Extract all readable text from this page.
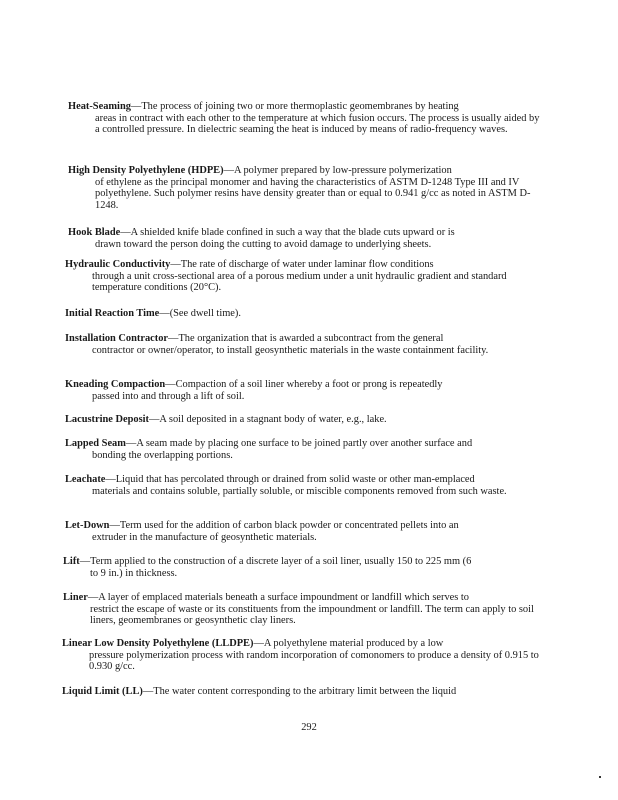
Heat-Seaming—The process of joining two or more thermoplastic geomembranes by heating
areas in contract with each other to the temperature at which fusion occurs. The process is usually aided by a controlled pressure. In dielectric seaming the heat is induced by means of radio-frequency waves.
High Density Polyethylene (HDPE)—A polymer prepared by low-pressure polymerization
of ethylene as the principal monomer and having the characteristics of ASTM D-1248 Type III and IV polyethylene. Such polymer resins have density greater than or equal to 0.941 g/cc as noted in ASTM D-1248.
Hook Blade—A shielded knife blade confined in such a way that the blade cuts upward or is
drawn toward the person doing the cutting to avoid damage to underlying sheets.
Hydraulic Conductivity—The rate of discharge of water under laminar flow conditions
through a unit cross-sectional area of a porous medium under a unit hydraulic gradient and standard temperature conditions (20°C).
Initial Reaction Time—(See dwell time).
Installation Contractor—The organization that is awarded a subcontract from the general
contractor or owner/operator, to install geosynthetic materials in the waste containment facility.
Kneading Compaction—Compaction of a soil liner whereby a foot or prong is repeatedly
passed into and through a lift of soil.
Lacustrine Deposit—A soil deposited in a stagnant body of water, e.g., lake.
Lapped Seam—A seam made by placing one surface to be joined partly over another surface and
bonding the overlapping portions.
Leachate—Liquid that has percolated through or drained from solid waste or other man-emplaced
materials and contains soluble, partially soluble, or miscible components removed from such waste.
Let-Down—Term used for the addition of carbon black powder or concentrated pellets into an
extruder in the manufacture of geosynthetic materials.
Lift—Term applied to the construction of a discrete layer of a soil liner, usually 150 to 225 mm (6
to 9 in.) in thickness.
Liner—A layer of emplaced materials beneath a surface impoundment or landfill which serves to
restrict the escape of waste or its constituents from the impoundment or landfill. The term can apply to soil liners, geomembranes or geosynthetic clay liners.
Linear Low Density Polyethylene (LLDPE)—A polyethylene material produced by a low
pressure polymerization process with random incorporation of comonomers to produce a density of 0.915 to 0.930 g/cc.
Liquid Limit (LL)—The water content corresponding to the arbitrary limit between the liquid
292
